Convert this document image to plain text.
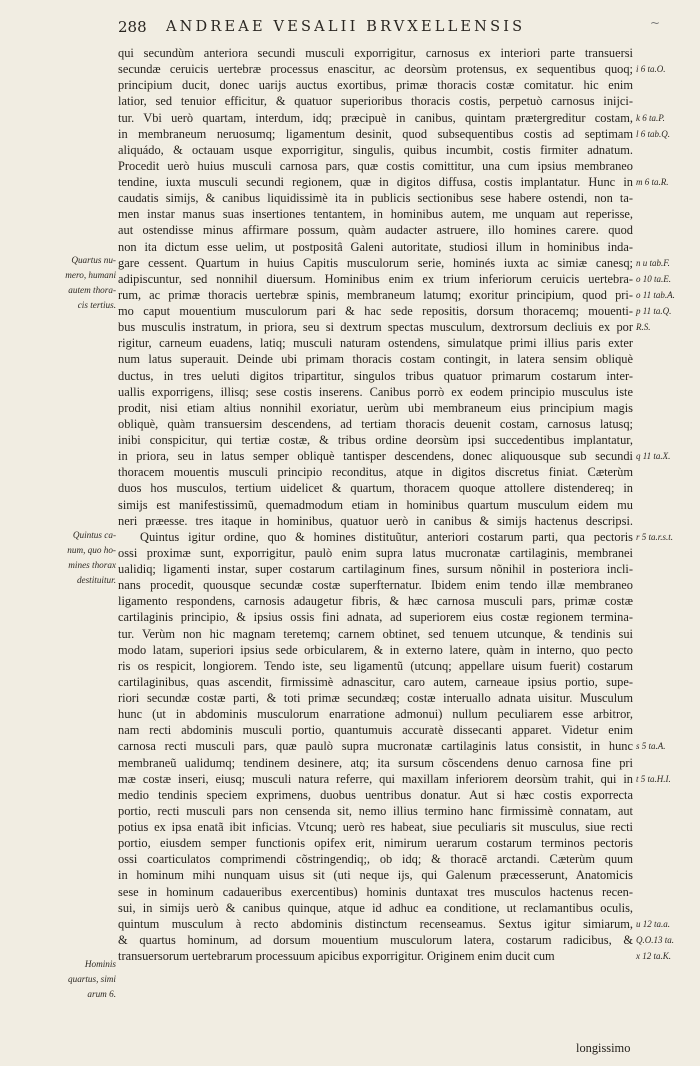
288 ANDREAE VESALII BRVXELLENSIS	~
qui secundùm anteriora secundi musculi exporrigitur, carnosus ex interiori parte transuersi
secundæ ceruicis uertebræ processus enascitur, ac deorsùm protensus, ex sequentibus quoq;
principium ducit, donec uarijs auctus exortibus, primæ thoracis costæ comitatur. hic enim
latior, sed tenuior efficitur, & quatuor superioribus thoracis costis, perpetuò carnosus inijci-
tur. Vbi uerò quartam, interdum, idq; præcipuè in canibus, quintam prætergreditur costam,
in membraneum neruosumq; ligamentum desinit, quod subsequentibus costis ad septimam
aliquádo, & octauam usque exporrigitur, singulis, quibus incumbit, costis firmiter adnatum.
Procedit uerò huius musculi carnosa pars, quæ costis comittitur, una cum ipsius membraneo
tendine, iuxta musculi secundi regionem, quæ in digitos diffusa, costis implantatur. Hunc in
caudatis simijs, & canibus liquidissimè ita in publicis sectionibus sese habere ostendi, non ta-
men instar manus suas insertiones tentantem, in hominibus autem, me unquam aut reperisse,
aut ostendisse minus affirmare possum, quàm audacter astruere, illo homines carere. quod
non ita dictum esse uelim, ut postpositâ Galeni autoritate, studiosi illum in hominibus inda-
gare cessent. Quartum in huius Capitis musculorum serie, hominés iuxta ac simiæ canesq;
adipiscuntur, sed nonnihil diuersum. Hominibus enim ex trium inferiorum ceruicis uertebra-
rum, ac primæ thoracis uertebræ spinis, membraneum latumq; exoritur principium, quod pri-
mo caput mouentium musculorum pari & hac sede repositis, dorsum thoracemq; mouenti-
bus musculis instratum, in priora, seu si dextrum spectas musculum, dextrorsum decliuis ex por
rigitur, carneum euadens, latiq; musculi naturam ostendens, simulatque primi illius paris exter
num latus superauit. Deinde ubi primam thoracis costam contingit, in latera sensim obliquè
ductus, in tres ueluti digitos tripartitur, singulos tribus quatuor primarum costarum inter-
uallis exporrigens, illisq; sese costis inserens. Canibus porrò ex eodem principio musculus iste
prodit, nisi etiam altius nonnihil exoriatur, uerùm ubi membraneum eius principium magis
obliquè, quàm transuersim descendens, ad tertiam thoracis deuenit costam, carnosus latusq;
inibi conspicitur, qui tertiæ costæ, & tribus ordine deorsùm ipsi succedentibus implantatur,
in priora, seu in latus semper obliquè tantisper descendens, donec aliquousque sub secundi
thoracem mouentis musculi principio reconditus, atque in digitos discretus finiat. Cæterùm
duos hos musculos, tertium uidelicet & quartum, thoracem quoque attollere distendereq; in
simijs est manifestissimũ, quemadmodum etiam in hominibus quartum musculum eidem mu
neri præesse. tres itaque in hominibus, quatuor uerò in canibus & simijs hactenus descripsi.
Quintus igitur ordine, quo & homines distituũtur, anteriori costarum parti, qua pectoris
ossi proximæ sunt, exporrigitur, paulò enim supra latus mucronatæ cartilaginis, membranei
ualidiq; ligamenti instar, super costarum cartilaginum fines, sursum nõnihil in posteriora incli-
nans procedit, quousque secundæ costæ superfternatur. Ibidem enim tendo illæ membraneo
ligamento respondens, carnosis adaugetur fibris, & hæc carnosa musculi pars, primæ costæ
cartilaginis principio, & ipsius ossis fini adnata, ad superiorem eius costæ regionem termina-
tur. Verùm non hic magnam teretemq; carnem obtinet, sed tenuem utcunque, & tendinis sui
modo latam, superiori ipsius sede orbicularem, & in externo latere, quàm in interno, quo pecto
ris os respicit, longiorem. Tendo iste, seu ligamentũ (utcunq; appellare uisum fuerit) costarum
cartilaginibus, quas ascendit, firmissimè adnascitur, caro autem, carneaue ipsius portio, supe-
riori secundæ costæ parti, & toti primæ secundæq; costæ interuallo adnata uisitur. Musculum
hunc (ut in abdominis musculorum enarratione admonui) nullum peculiarem esse arbitror,
nam recti abdominis musculi portio, quantumuis accuratè dissecanti apparet. Videtur enim
carnosa recti musculi pars, quæ paulò supra mucronatæ cartilaginis latus consistit, in hunc
membraneũ ualidumq; tendinem desinere, atq; ita sursum cõscendens denuo carnosa fine pri
mæ costæ inseri, eiusq; musculi natura referre, qui maxillam inferiorem deorsùm trahit, qui in
medio tendinis speciem exprimens, duobus uentribus donatur. Aut si hæc costis exporrecta
portio, recti musculi pars non censenda sit, nemo illius termino hanc firmissimè connatam, aut
potius ex ipsa enatã ibit inficias. Vtcunq; uerò res habeat, siue peculiaris sit musculus, siue recti
portio, eiusdem semper functionis opifex erit, nimirum uerarum costarum terminos pectoris
ossi coarticulatos comprimendi cõstringendiq;, ob idq; & thoracē arctandi. Cæterùm quum
in hominum mihi nunquam uisus sit (uti neque ijs, qui Galenum præcesserunt, Anatomicis
sese in hominum cadaueribus exercentibus) hominis duntaxat tres musculos hactenus recen-
sui, in simijs uerò & canibus quinque, atque id adhuc ea conditione, ut reclamantibus oculis,
quintum musculum à recto abdominis distinctum recenseamus. Sextus igitur simiarum,
& quartus hominum, ad dorsum mouentium musculorum latera, costarum radicibus, &
transuersorum uertebrarum processuum apicibus exporrigitur. Originem enim ducit cum
i 6 ta.O.
k 6 ta.P.
l 6 tab.Q.
m 6 ta.R.
n u tab.F.
o 10 ta.E.
o 11 tab.A.
p 11 ta.Q.
R.S.
q 11 ta.X.
r 5 ta.r.s.t.
s 5 ta.A.
t 5 ta.H.I.
u 12 ta.a.
Q.O.13 ta.
x 12 ta.K.
Quartus nu-
mero, humani
autem thora-
cis tertius.
Quintus ca-
num, quo ho-
mines thorax
destituitur.
Hominis
quartus, simi
arum 6.
longissimo
